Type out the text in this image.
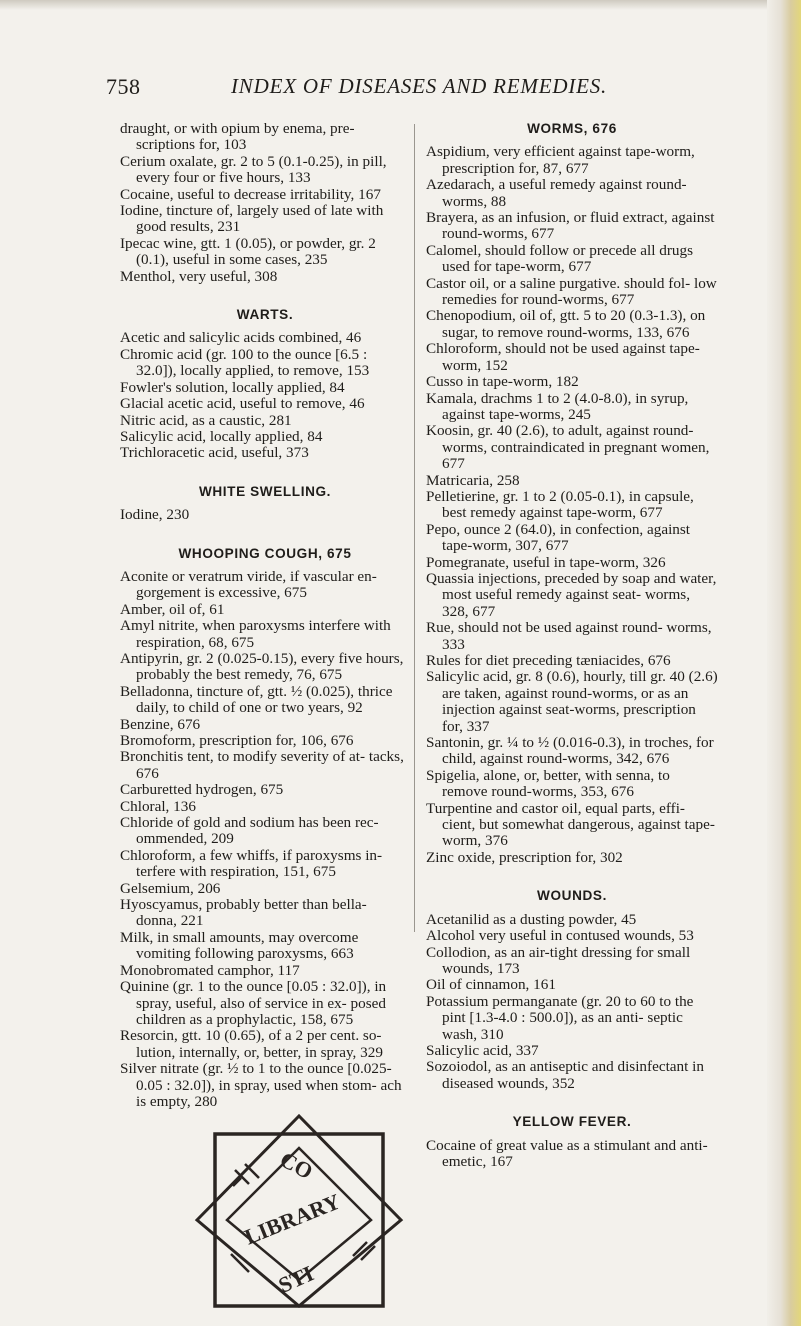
758	INDEX OF DISEASES AND REMEDIES.

draught, or with opium by enema, pre- scriptions for, 103

Cerium oxalate, gr. 2 to 5 (0.1-0.25), in pill, every four or five hours, 133

Cocaine, useful to decrease irritability, 167

Iodine, tincture of, largely used of late with good results, 231

Ipecac wine, gtt. 1 (0.05), or powder, gr. 2 (0.1), useful in some cases, 235

Menthol, very useful, 308

WARTS.

Acetic and salicylic acids combined, 46

Chromic acid (gr. 100 to the ounce [6.5 : 32.0]), locally applied, to remove, 153

Fowler's solution, locally applied, 84

Glacial acetic acid, useful to remove, 46

Nitric acid, as a caustic, 281

Salicylic acid, locally applied, 84

Trichloracetic acid, useful, 373

WHITE SWELLING.

Iodine, 230

WHOOPING COUGH, 675

Aconite or veratrum viride, if vascular en- gorgement is excessive, 675

Amber, oil of, 61

Amyl nitrite, when paroxysms interfere with respiration, 68, 675

Antipyrin, gr. 2 (0.025-0.15), every five hours, probably the best remedy, 76, 675

Belladonna, tincture of, gtt. ½ (0.025), thrice daily, to child of one or two years, 92

Benzine, 676

Bromoform, prescription for, 106, 676

Bronchitis tent, to modify severity of at- tacks, 676

Carburetted hydrogen, 675

Chloral, 136

Chloride of gold and sodium has been rec- ommended, 209

Chloroform, a few whiffs, if paroxysms in- terfere with respiration, 151, 675

Gelsemium, 206

Hyoscyamus, probably better than bella- donna, 221

Milk, in small amounts, may overcome vomiting following paroxysms, 663

Monobromated camphor, 117

Quinine (gr. 1 to the ounce [0.05 : 32.0]), in spray, useful, also of service in ex- posed children as a prophylactic, 158, 675

Resorcin, gtt. 10 (0.65), of a 2 per cent. so- lution, internally, or, better, in spray, 329

Silver nitrate (gr. ½ to 1 to the ounce [0.025- 0.05 : 32.0]), in spray, used when stom- ach is empty, 280

WORMS, 676

Aspidium, very efficient against tape-worm, prescription for, 87, 677

Azedarach, a useful remedy against round- worms, 88

Brayera, as an infusion, or fluid extract, against round-worms, 677

Calomel, should follow or precede all drugs used for tape-worm, 677

Castor oil, or a saline purgative. should fol- low remedies for round-worms, 677

Chenopodium, oil of, gtt. 5 to 20 (0.3-1.3), on sugar, to remove round-worms, 133, 676

Chloroform, should not be used against tape-worm, 152

Cusso in tape-worm, 182

Kamala, drachms 1 to 2 (4.0-8.0), in syrup, against tape-worms, 245

Koosin, gr. 40 (2.6), to adult, against round- worms, contraindicated in pregnant women, 677

Matricaria, 258

Pelletierine, gr. 1 to 2 (0.05-0.1), in capsule, best remedy against tape-worm, 677

Pepo, ounce 2 (64.0), in confection, against tape-worm, 307, 677

Pomegranate, useful in tape-worm, 326

Quassia injections, preceded by soap and water, most useful remedy against seat- worms, 328, 677

Rue, should not be used against round- worms, 333

Rules for diet preceding tæniacides, 676

Salicylic acid, gr. 8 (0.6), hourly, till gr. 40 (2.6) are taken, against round-worms, or as an injection against seat-worms, prescription for, 337

Santonin, gr. ¼ to ½ (0.016-0.3), in troches, for child, against round-worms, 342, 676

Spigelia, alone, or, better, with senna, to remove round-worms, 353, 676

Turpentine and castor oil, equal parts, effi- cient, but somewhat dangerous, against tape-worm, 376

Zinc oxide, prescription for, 302

WOUNDS.

Acetanilid as a dusting powder, 45

Alcohol very useful in contused wounds, 53

Collodion, as an air-tight dressing for small wounds, 173

Oil of cinnamon, 161

Potassium permanganate (gr. 20 to 60 to the pint [1.3-4.0 : 500.0]), as an anti- septic wash, 310

Salicylic acid, 337

Sozoiodol, as an antiseptic and disinfectant in diseased wounds, 352

YELLOW FEVER.

Cocaine of great value as a stimulant and anti-emetic, 167

CO
LIBRARY
STI
